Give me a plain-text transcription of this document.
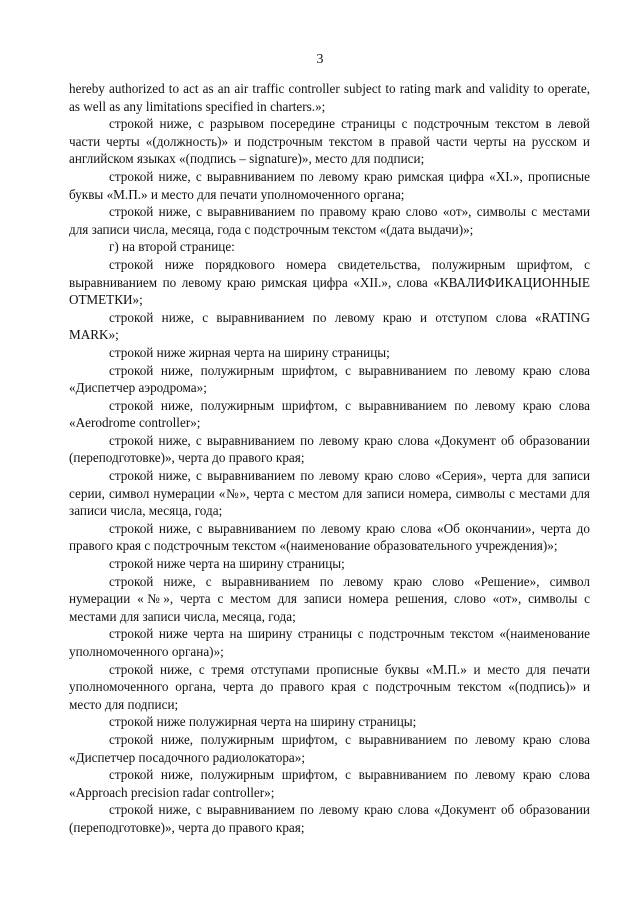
3

hereby authorized to act as an air traffic controller subject to rating mark and validity to operate, as well as any limitations specified in charters.»;

строкой ниже, с разрывом посередине страницы с подстрочным текстом в левой части черты «(должность)» и подстрочным текстом в правой части черты на русском и английском языках «(подпись – signature)», место для подписи;

строкой ниже, с выравниванием по левому краю римская цифра «XI.», прописные буквы «М.П.» и место для печати уполномоченного органа;

строкой ниже, с выравниванием по правому краю слово «от», символы с местами для записи числа, месяца, года с подстрочным текстом «(дата выдачи)»;

г) на второй странице:

строкой ниже порядкового номера свидетельства, полужирным шрифтом, с выравниванием по левому краю римская цифра «XII.», слова «КВАЛИФИКАЦИОННЫЕ ОТМЕТКИ»;

строкой ниже, с выравниванием по левому краю и отступом слова «RATING MARK»;

строкой ниже жирная черта на ширину страницы;

строкой ниже, полужирным шрифтом, с выравниванием по левому краю слова «Диспетчер аэродрома»;

строкой ниже, полужирным шрифтом, с выравниванием по левому краю слова «Aerodrome controller»;

строкой ниже, с выравниванием по левому краю слова «Документ об образовании (переподготовке)», черта до правого края;

строкой ниже, с выравниванием по левому краю слово «Серия», черта для записи серии, символ нумерации «№», черта с местом для записи номера, символы с местами для записи числа, месяца, года;

строкой ниже, с выравниванием по левому краю слова «Об окончании», черта до правого края с подстрочным текстом «(наименование образовательного учреждения)»;

строкой ниже черта на ширину страницы;

строкой ниже, с выравниванием по левому краю слово «Решение», символ нумерации «№», черта с местом для записи номера решения, слово «от», символы с местами для записи числа, месяца, года;

строкой ниже черта на ширину страницы с подстрочным текстом «(наименование уполномоченного органа)»;

строкой ниже, с тремя отступами прописные буквы «М.П.» и место для печати уполномоченного органа, черта до правого края с подстрочным текстом «(подпись)» и место для подписи;

строкой ниже полужирная черта на ширину страницы;

строкой ниже, полужирным шрифтом, с выравниванием по левому краю слова «Диспетчер посадочного радиолокатора»;

строкой ниже, полужирным шрифтом, с выравниванием по левому краю слова «Approach precision radar controller»;

строкой ниже, с выравниванием по левому краю слова «Документ об образовании (переподготовке)», черта до правого края;
